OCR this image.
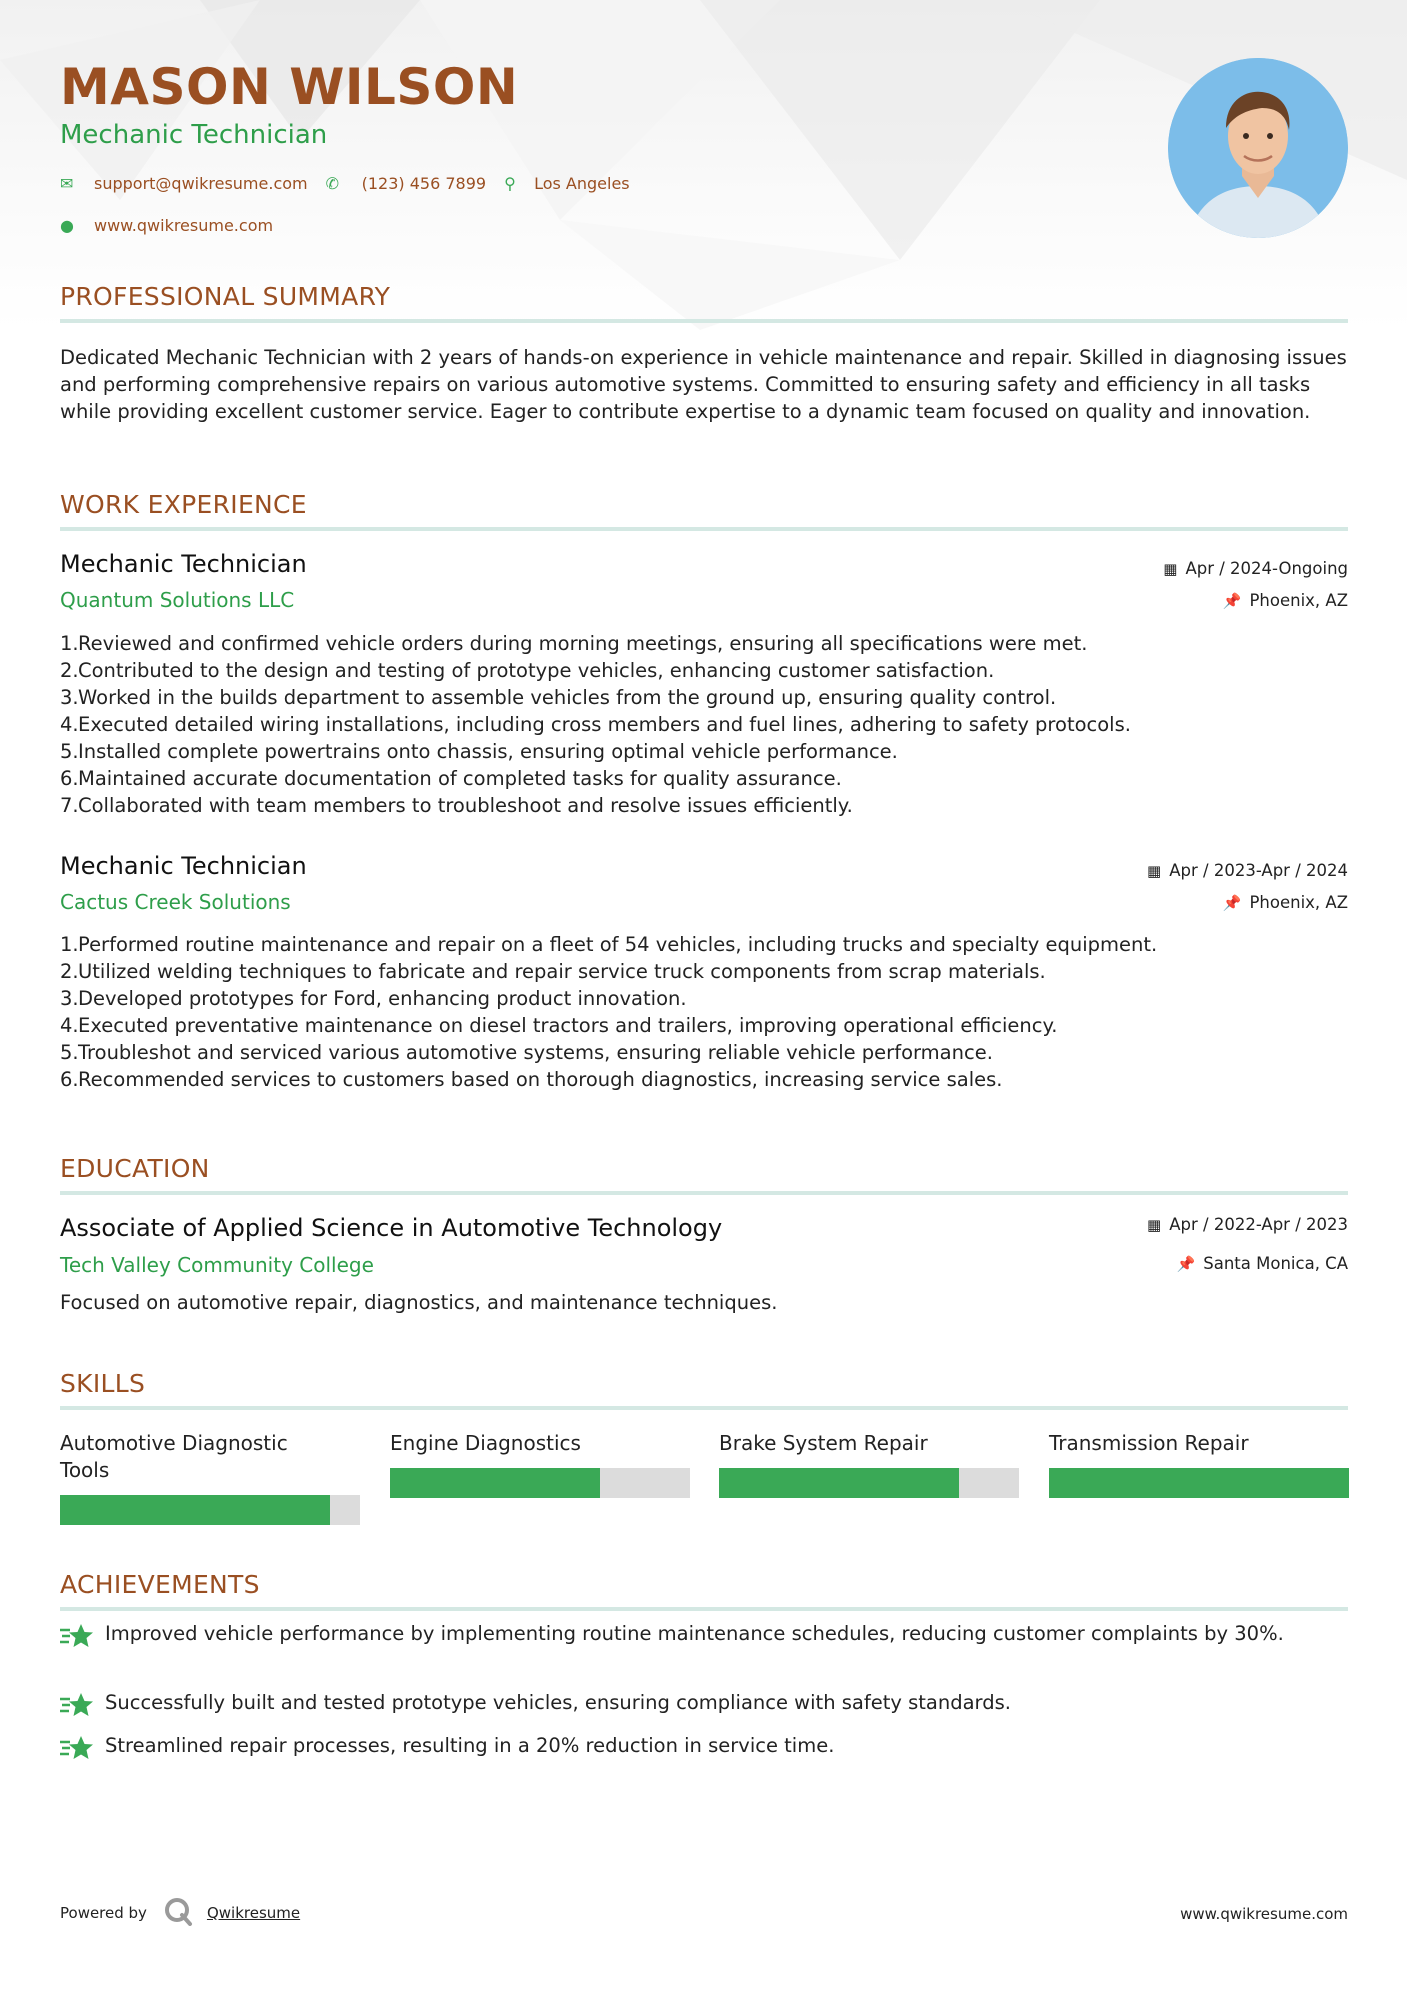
MASON WILSON
Mechanic Technician
✉	support@qwikresume.com ✆	(123) 456 7899 ⚲	Los Angeles
●	www.qwikresume.com
PROFESSIONAL SUMMARY
Dedicated Mechanic Technician with 2 years of hands-on experience in vehicle maintenance and repair. Skilled in diagnosing issues and performing comprehensive repairs on various automotive systems. Committed to ensuring safety and efficiency in all tasks while providing excellent customer service. Eager to contribute expertise to a dynamic team focused on quality and innovation.
WORK EXPERIENCE
Mechanic Technician	▦ Apr / 2024-Ongoing
Quantum Solutions LLC	📌 Phoenix, AZ
1. Reviewed and confirmed vehicle orders during morning meetings, ensuring all specifications were met.
2. Contributed to the design and testing of prototype vehicles, enhancing customer satisfaction.
3. Worked in the builds department to assemble vehicles from the ground up, ensuring quality control.
4. Executed detailed wiring installations, including cross members and fuel lines, adhering to safety protocols.
5. Installed complete powertrains onto chassis, ensuring optimal vehicle performance.
6. Maintained accurate documentation of completed tasks for quality assurance.
7. Collaborated with team members to troubleshoot and resolve issues efficiently.
Mechanic Technician	▦ Apr / 2023-Apr / 2024
Cactus Creek Solutions	📌 Phoenix, AZ
1. Performed routine maintenance and repair on a fleet of 54 vehicles, including trucks and specialty equipment.
2. Utilized welding techniques to fabricate and repair service truck components from scrap materials.
3. Developed prototypes for Ford, enhancing product innovation.
4. Executed preventative maintenance on diesel tractors and trailers, improving operational efficiency.
5. Troubleshot and serviced various automotive systems, ensuring reliable vehicle performance.
6. Recommended services to customers based on thorough diagnostics, increasing service sales.
EDUCATION
Associate of Applied Science in Automotive Technology	▦ Apr / 2022-Apr / 2023
Tech Valley Community College	📌 Santa Monica, CA
Focused on automotive repair, diagnostics, and maintenance techniques.
SKILLS
Automotive Diagnostic Tools
Engine Diagnostics	Brake System Repair	Transmission Repair
ACHIEVEMENTS
Improved vehicle performance by implementing routine maintenance schedules, reducing customer complaints by 30%.
Successfully built and tested prototype vehicles, ensuring compliance with safety standards.
Streamlined repair processes, resulting in a 20% reduction in service time.
Powered by	Qwikresume	www.qwikresume.com
